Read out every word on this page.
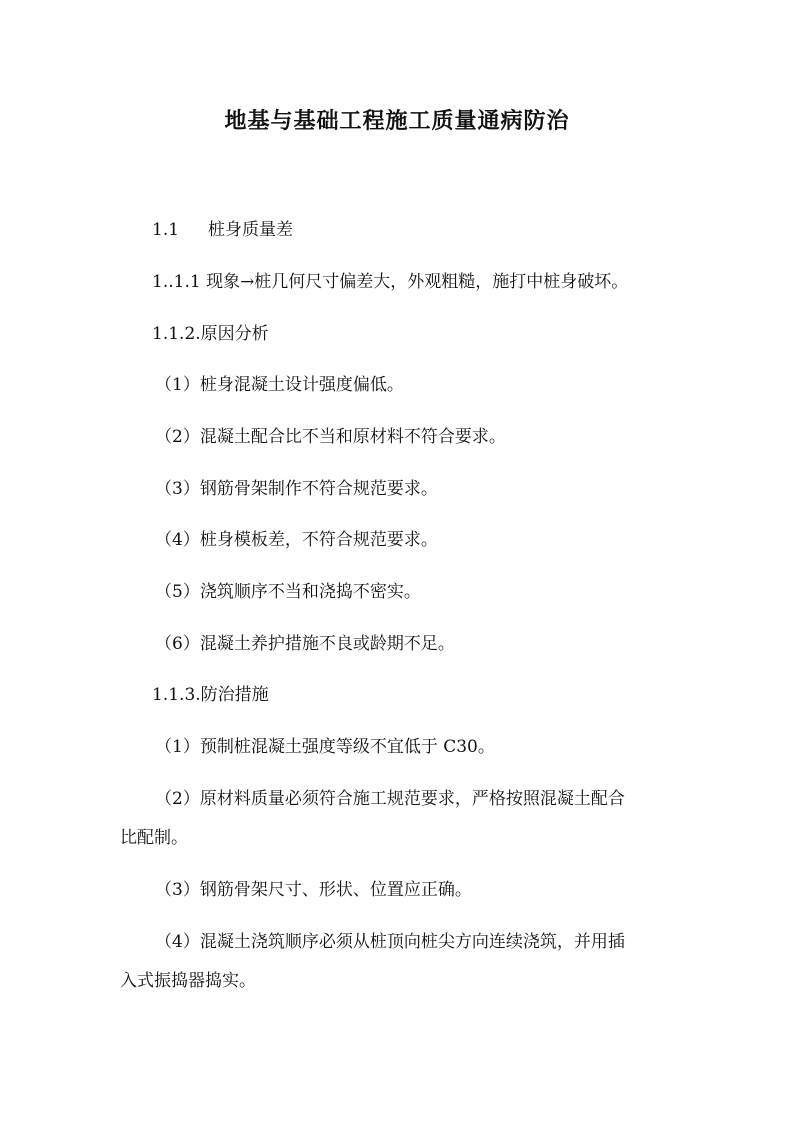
地基与基础工程施工质量通病防治
1.1 桩身质量差
1..1.1 现象→桩几何尺寸偏差大，外观粗糙，施打中桩身破坏。
1.1.2.原因分析
（1）桩身混凝土设计强度偏低。
（2）混凝土配合比不当和原材料不符合要求。
（3）钢筋骨架制作不符合规范要求。
（4）桩身模板差，不符合规范要求。
（5）浇筑顺序不当和浇捣不密实。
（6）混凝土养护措施不良或龄期不足。
1.1.3.防治措施
（1）预制桩混凝土强度等级不宜低于 C30。
（2）原材料质量必须符合施工规范要求，严格按照混凝土配合
比配制。
（3）钢筋骨架尺寸、形状、位置应正确。
（4）混凝土浇筑顺序必须从桩顶向桩尖方向连续浇筑，并用插
入式振捣器捣实。
